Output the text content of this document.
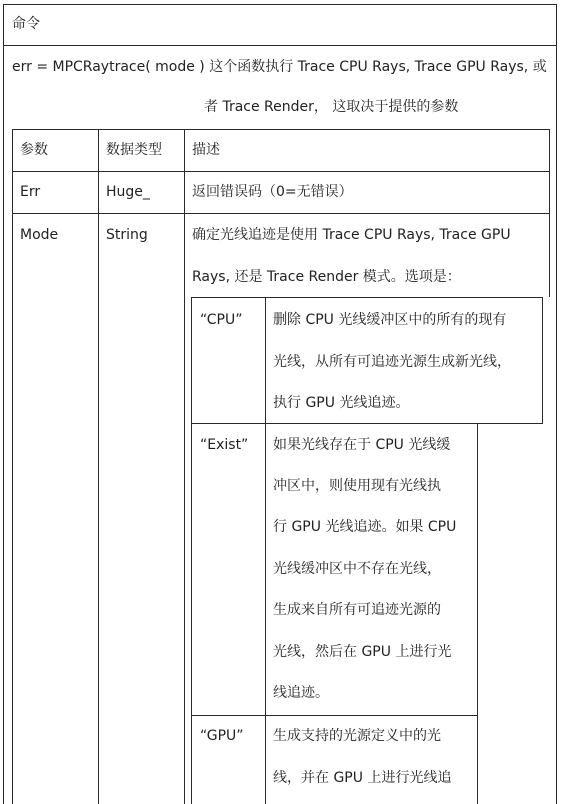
命令
err = MPCRaytrace( mode ) 这个函数执行 Trace CPU Rays, Trace GPU Rays, 或
者 Trace Render， 这取决于提供的参数
参数	数据类型 描述
Err	Huge_	返回错误码（0=无错误）
Mode	String	确定光线追迹是使用 Trace CPU Rays, Trace GPU
Rays, 还是 Trace Render 模式。选项是：
“CPU” 删除 CPU 光线缓冲区中的所有的现有
光线，从所有可追迹光源生成新光线，
执行 GPU 光线追迹。
“Exist” 如果光线存在于 CPU 光线缓
冲区中，则使用现有光线执
行 GPU 光线追迹。如果 CPU
光线缓冲区中不存在光线，
生成来自所有可追迹光源的
光线，然后在 GPU 上进行光
线追迹。
“GPU” 生成支持的光源定义中的光
线，并在 GPU 上进行光线追
